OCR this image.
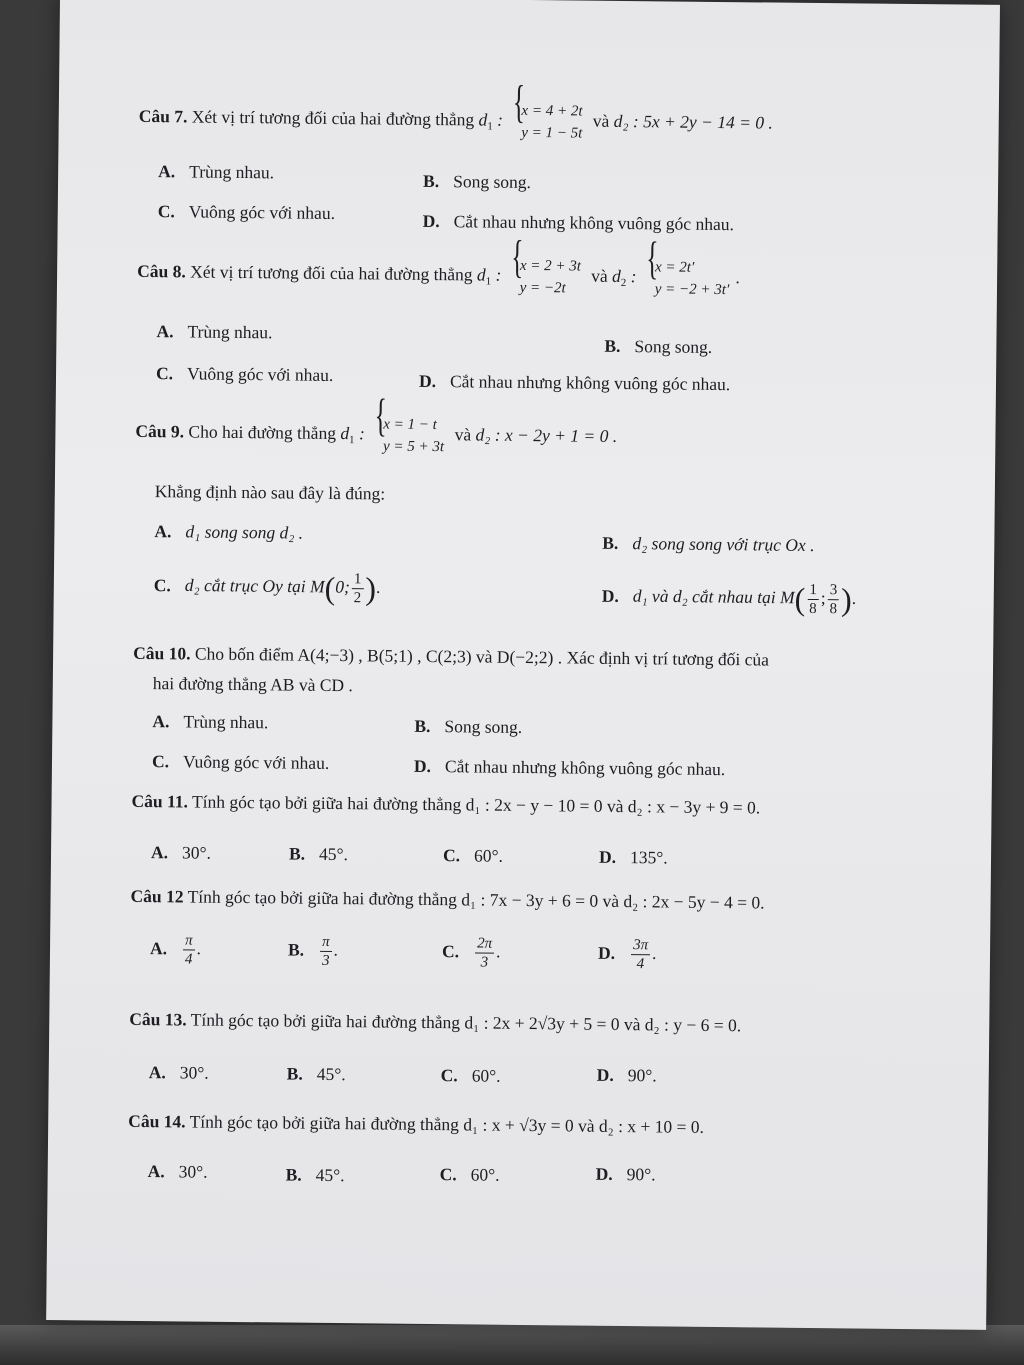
Câu 7. Xét vị trí tương đối của hai đường thẳng $d_1$ : { x = 4 + 2t
y = 1 − 5t
và d₂ : 5x + 2y − 14 = 0 .
A. Trùng nhau.	B. Song song.
C. Vuông góc với nhau.	D. Cắt nhau nhưng không vuông góc nhau.
Câu 8. Xét vị trí tương đối của hai đường thẳng $d_1$ : { x = 2 + 3t
y = −2t
và $d_2$ : { x = 2t′
y = −2 + 3t′
.
A. Trùng nhau.
B. Song song.
C. Vuông góc với nhau.	D. Cắt nhau nhưng không vuông góc nhau.
Câu 9. Cho hai đường thẳng $d_1$ : { x = 1 − t
y = 5 + 3t
và d₂ : x − 2y + 1 = 0 .
Khẳng định nào sau đây là đúng:
A. d₁ song song d₂ .
B. d₂ song song với trục Ox .
C. d₂ cắt trục Oy tại M(0; $\frac{1}{2}$ ).	D. d₁ và d₂ cắt nhau tại $M( \frac{1}{8}$ ; $\frac{3}{8}$ ).
Câu 10. Cho bốn điểm A(4;−3) , B(5;1) , C(2;3) và D(−2;2) . Xác định vị trí tương đối của
hai đường thẳng AB và CD .
A. Trùng nhau.	B. Song song.
C. Vuông góc với nhau.	D. Cắt nhau nhưng không vuông góc nhau.
Câu 11. Tính góc tạo bởi giữa hai đường thẳng d₁ : 2x − y − 10 = 0 và d₂ : x − 3y + 9 = 0.
A. 30°.	B. 45°.	C. 60°.	D. 135°.
Câu 12 Tính góc tạo bởi giữa hai đường thẳng d₁ : 7x − 3y + 6 = 0 và d₂ : 2x − 5y − 4 = 0.
A. $\frac{\pi}{4}$ .	B. $\frac{\pi}{3}$ .	C. $\frac{2\pi}{3}$ .	D. $\frac{3\pi}{4}$ .
Câu 13. Tính góc tạo bởi giữa hai đường thẳng d₁ : 2x + 2√3y + 5 = 0 và d₂ : y − 6 = 0.
A. 30°.	B. 45°.	C. 60°.	D. 90°.
Câu 14. Tính góc tạo bởi giữa hai đường thẳng d₁ : x + √3y = 0 và d₂ : x + 10 = 0.
A. 30°.	B. 45°.	C. 60°.	D. 90°.
